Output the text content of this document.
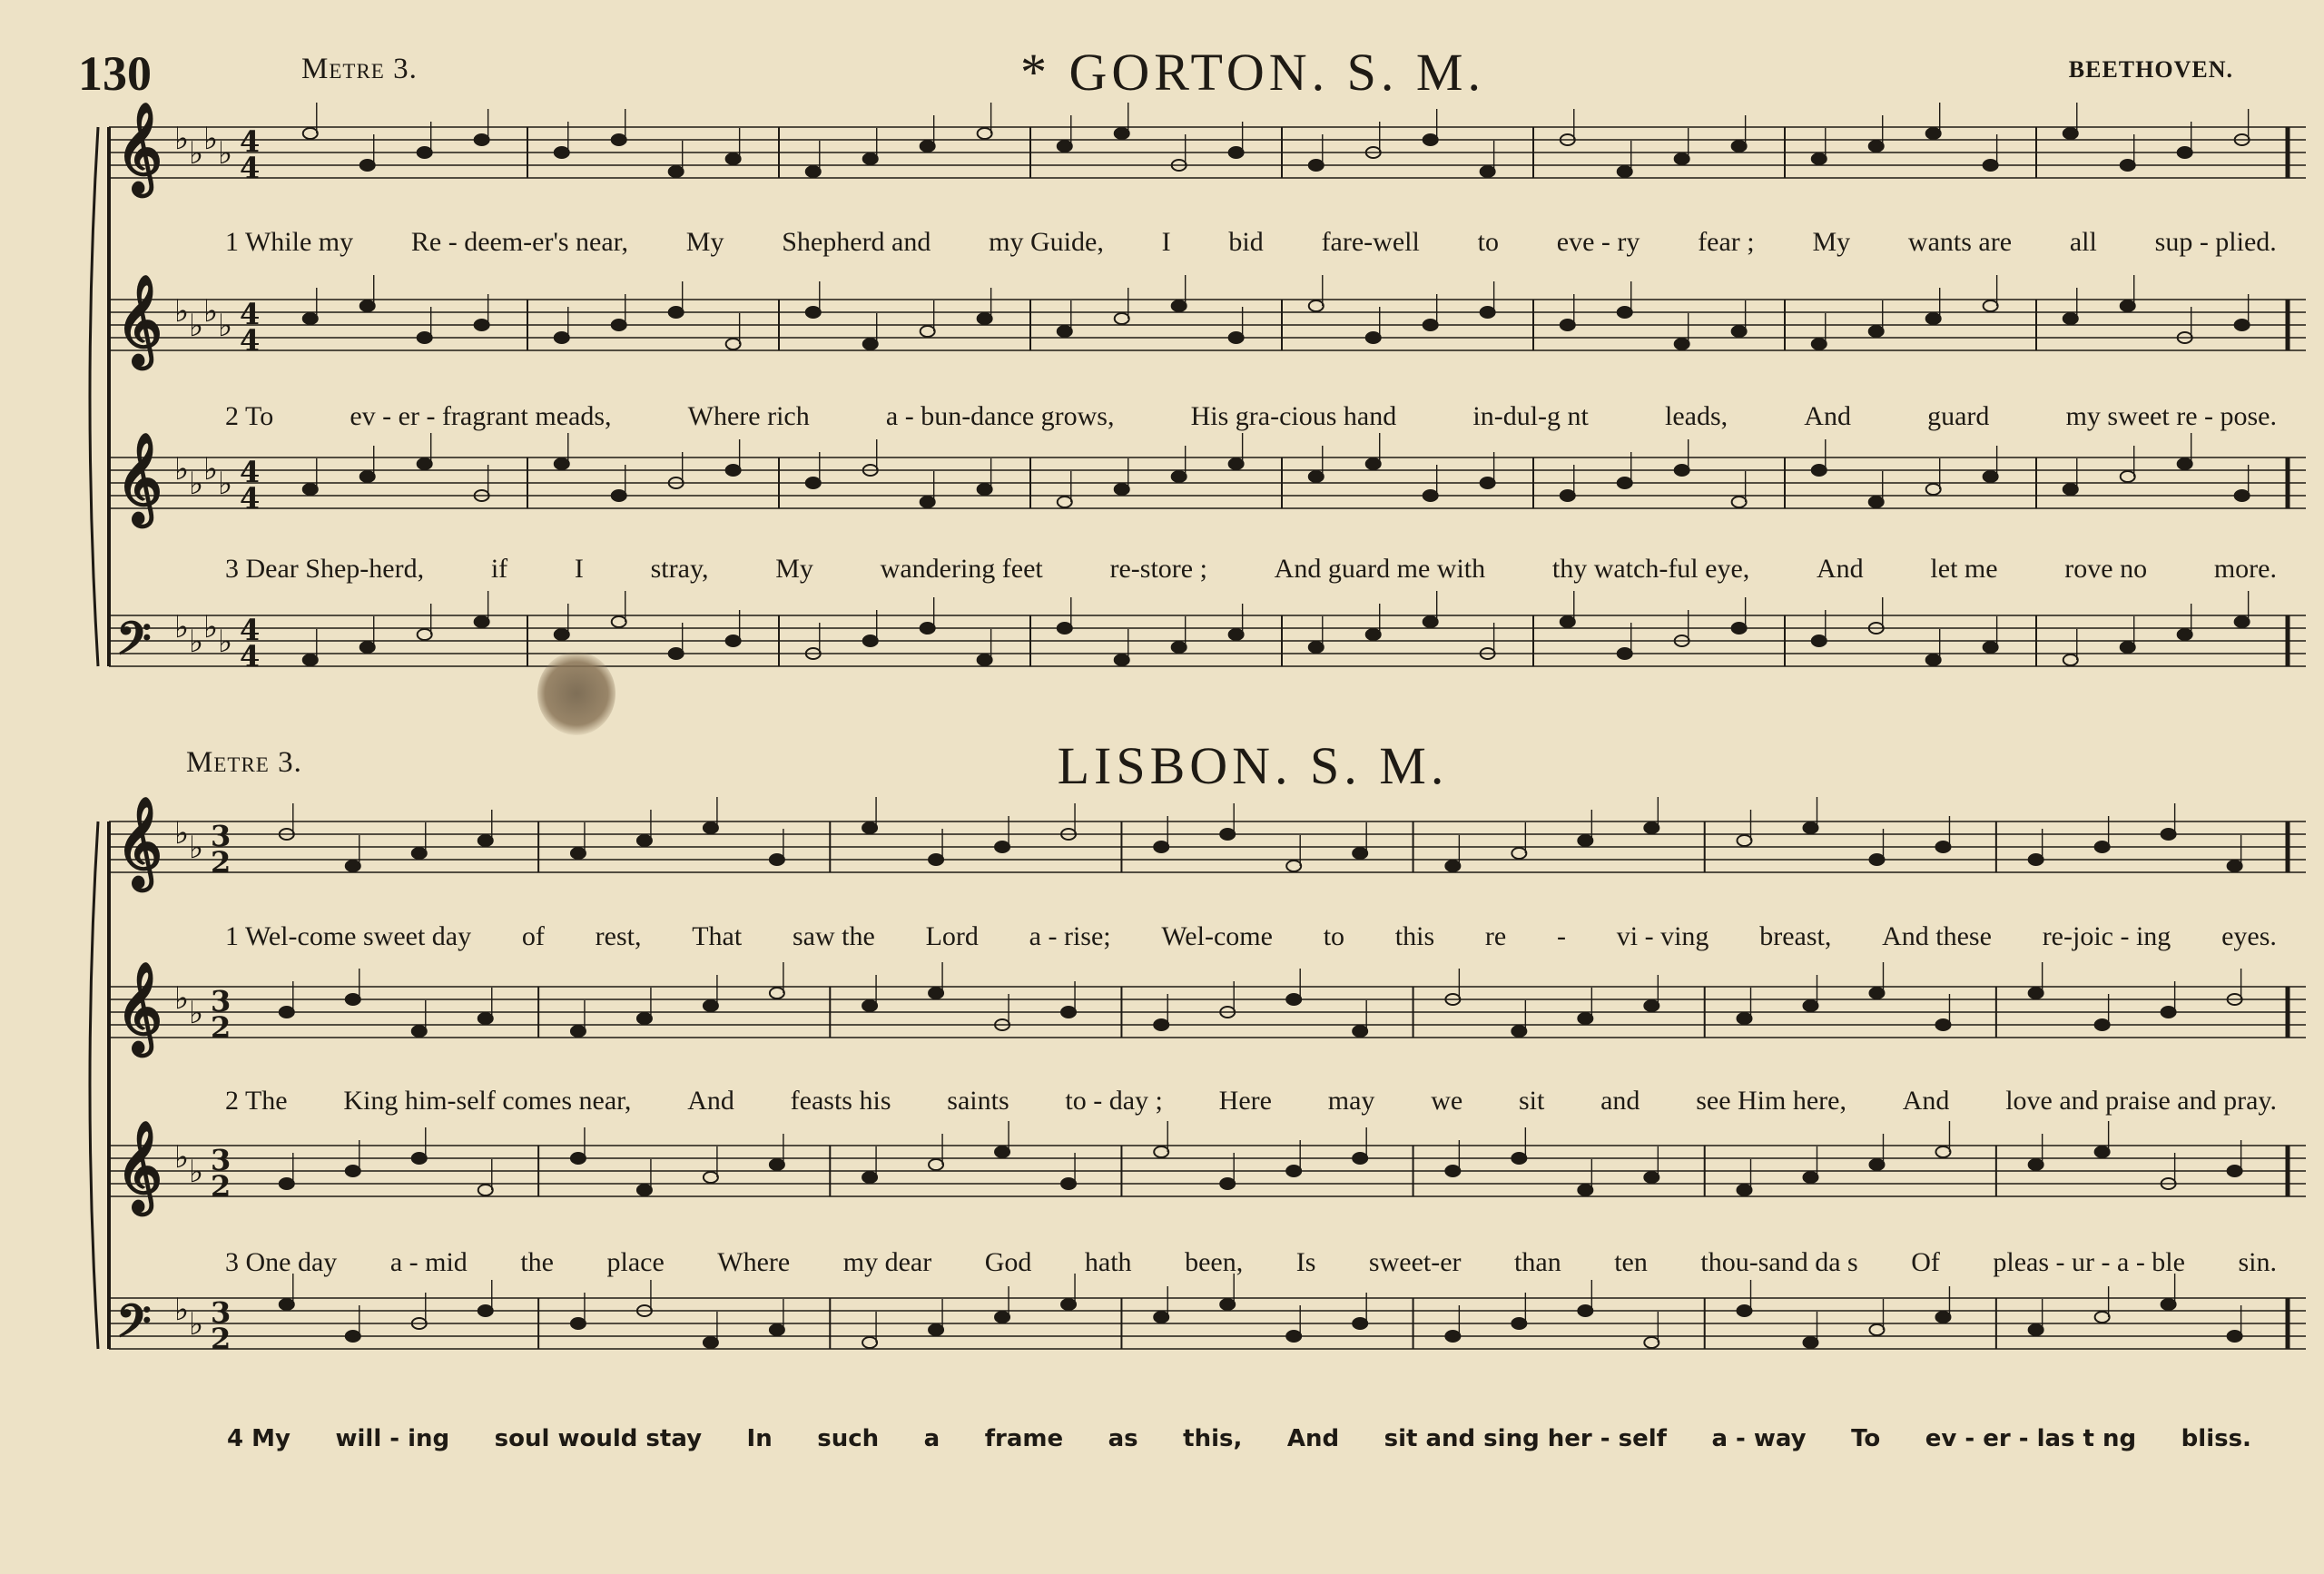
130	Metre 3.	* GORTON. S. M.	BEETHOVEN.
Metre 3.	LISBON. S. M.
𝄞 ♭ ♭ ♭ ♭ 4
4
𝄞 ♭ ♭ ♭ ♭ 4
4
𝄞 ♭ ♭ ♭ ♭ 4
4
𝄢 ♭ ♭ ♭ ♭ 4
4
𝄞 ♭ ♭ 3
2
𝄞 ♭ ♭ 3
2
𝄞 ♭ ♭ 3
2
𝄢 ♭ ♭ 3
2
1 While my Re - deem-er's near, My Shepherd and my Guide, I bid fare-well to eve - ry fear ; My wants are all sup - plied.
2 To	ev - er - fragrant meads,	Where rich	a - bun-dance grows,	His gra-cious hand	in-dul-g nt	leads,	And	guard	my sweet re - pose.
3 Dear Shep-herd, if I stray, My wandering feet re-store ; And guard me with thy watch-ful eye, And let me rove no more.
1 Wel-come sweet day of rest, That saw the Lord a - rise; Wel-come to this re - vi - ving breast, And these re-joic - ing eyes.
2 The King him-self comes near, And feasts his saints to - day ; Here may we sit and see Him here, And love and praise and pray.
3 One day a - mid the place Where my dear God hath been, Is sweet-er than ten thou-sand da s Of pleas - ur - a - ble sin.
4 My will - ing soul would stay In such a frame as this, And sit and sing her - self a - way To ev - er - las t ng bliss.
